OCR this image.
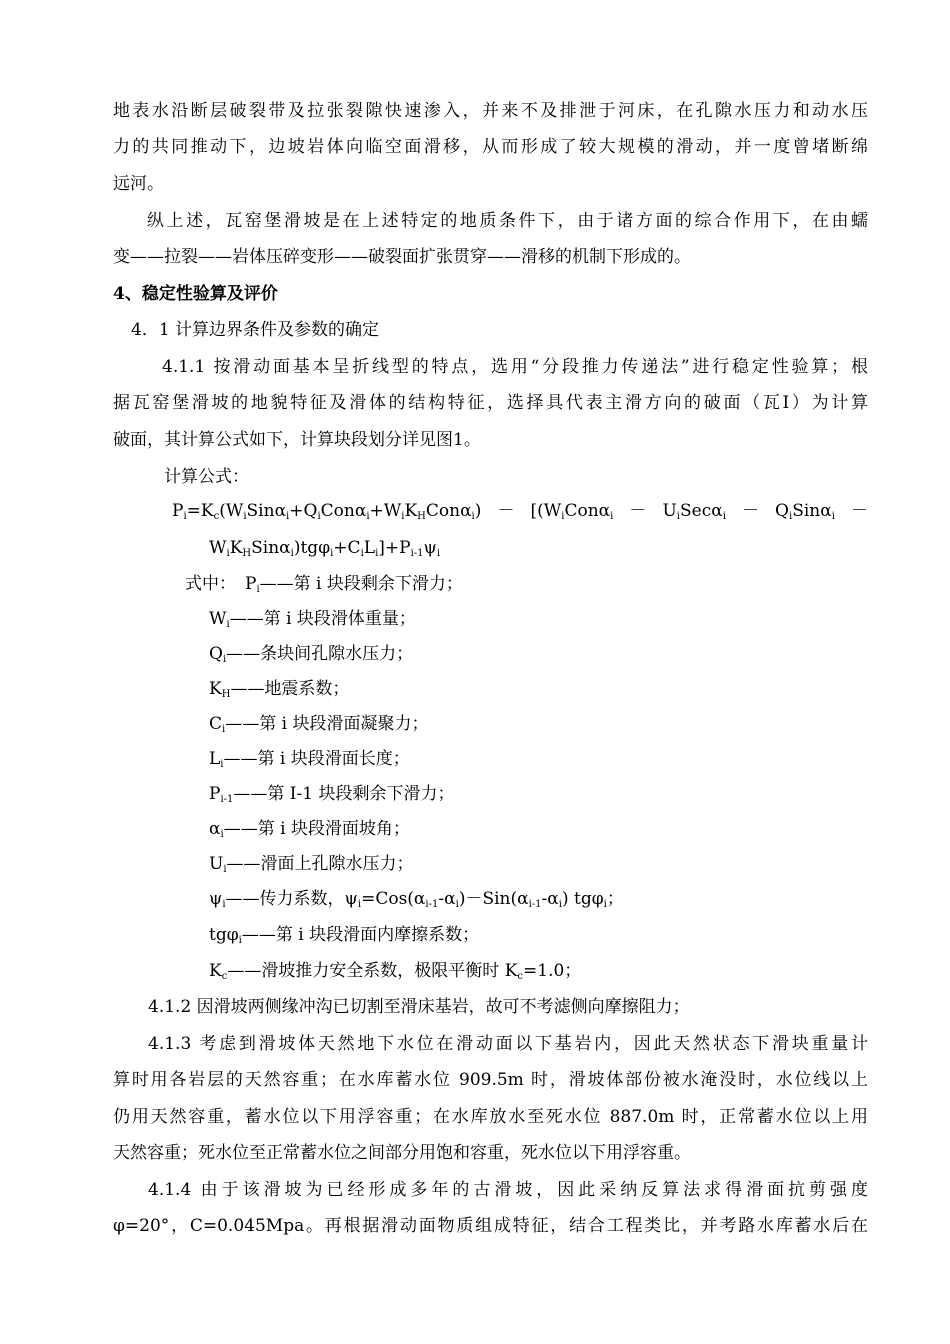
地表水沿断层破裂带及拉张裂隙快速渗入，并来不及排泄于河床，在孔隙水压力和动水压
力的共同推动下，边坡岩体向临空面滑移，从而形成了较大规模的滑动，并一度曾堵断绵
远河。
纵上述，瓦窑堡滑坡是在上述特定的地质条件下，由于诸方面的综合作用下，在由蠕
变——拉裂——岩体压碎变形——破裂面扩张贯穿——滑移的机制下形成的。
4、稳定性验算及评价
4．1 计算边界条件及参数的确定
4.1.1 按滑动面基本呈折线型的特点，选用“分段推力传递法”进行稳定性验算；根
据瓦窑堡滑坡的地貌特征及滑体的结构特征，选择具代表主滑方向的破面（瓦Ⅰ）为计算
破面，其计算公式如下，计算块段划分详见图1。
计算公式：
$P_i=K_c(W_iSin\alpha_i+Q_iCon\alpha_i+W_iK_HCon\alpha_i) - [(W_iCon\alpha_i - U_iSec\alpha_i - Q_iSin\alpha_i$ －
$W_iK_HSin\alpha_i)tg\varphi_i+C_iL_i]+P_{i-1}\psi_i$
式中： $P_i——$第 i 块段剩余下滑力；
$W_i——$第 i 块段滑体重量；
$Q_i——$条块间孔隙水压力；
$K_H——$地震系数；
$C_i——$第 i 块段滑面凝聚力；
$L_i——$第 i 块段滑面长度；
$P_{i-1}——$第 I-1 块段剩余下滑力；
$\alpha_i——$第 i 块段滑面坡角；
$U_i——$滑面上孔隙水压力；
$\psi_i——$传力系数，$\psi_i=Cos(\alpha_{i-1}-\alpha_i)-Sin(\alpha_{i-1}-\alpha_i)$ tgφ$_i$；
tgφ$_i$——第 i 块段滑面内摩擦系数；
$K_c——$滑坡推力安全系数，极限平衡时 $K_c=1.0$；
4.1.2 因滑坡两侧缘冲沟已切割至滑床基岩，故可不考滤侧向摩擦阻力；
4.1.3 考虑到滑坡体天然地下水位在滑动面以下基岩内，因此天然状态下滑块重量计
算时用各岩层的天然容重；在水库蓄水位 909.5m 时，滑坡体部份被水淹没时，水位线以上
仍用天然容重，蓄水位以下用浮容重；在水库放水至死水位 887.0m 时，正常蓄水位以上用
天然容重；死水位至正常蓄水位之间部分用饱和容重，死水位以下用浮容重。
4.1.4 由于该滑坡为已经形成多年的古滑坡，因此采纳反算法求得滑面抗剪强度
φ=20°，C=0.045Mpa。再根据滑动面物质组成特征，结合工程类比，并考路水库蓄水后在
